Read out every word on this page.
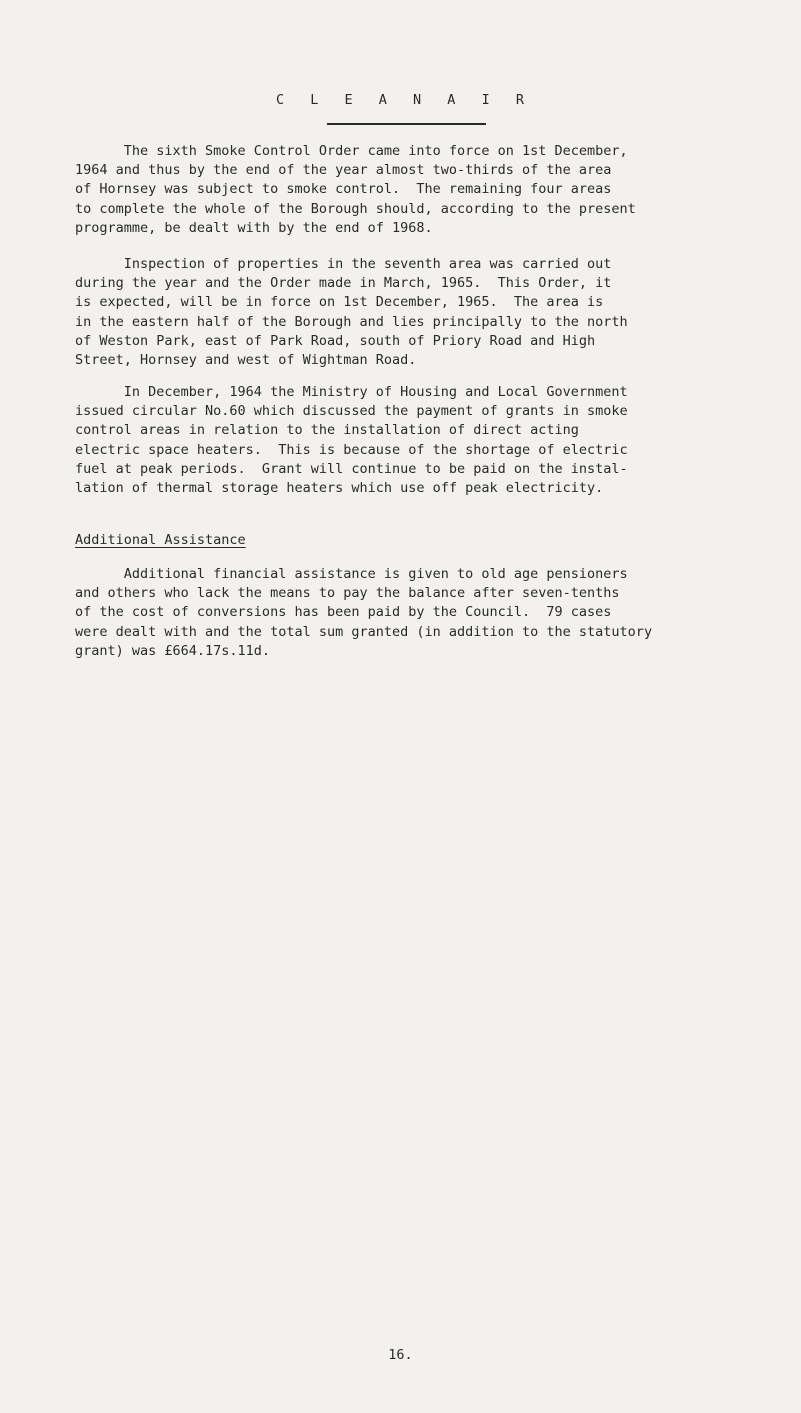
C L E A N A I R
The sixth Smoke Control Order came into force on 1st December,
1964 and thus by the end of the year almost two-thirds of the area
of Hornsey was subject to smoke control.  The remaining four areas
to complete the whole of the Borough should, according to the present
programme, be dealt with by the end of 1968.
Inspection of properties in the seventh area was carried out
during the year and the Order made in March, 1965.  This Order, it
is expected, will be in force on 1st December, 1965.  The area is
in the eastern half of the Borough and lies principally to the north
of Weston Park, east of Park Road, south of Priory Road and High
Street, Hornsey and west of Wightman Road.
In December, 1964 the Ministry of Housing and Local Government
issued circular No.60 which discussed the payment of grants in smoke
control areas in relation to the installation of direct acting
electric space heaters.  This is because of the shortage of electric
fuel at peak periods.  Grant will continue to be paid on the instal-
lation of thermal storage heaters which use off peak electricity.
Additional Assistance
Additional financial assistance is given to old age pensioners
and others who lack the means to pay the balance after seven-tenths
of the cost of conversions has been paid by the Council.  79 cases
were dealt with and the total sum granted (in addition to the statutory
grant) was £664.17s.11d.
16.
